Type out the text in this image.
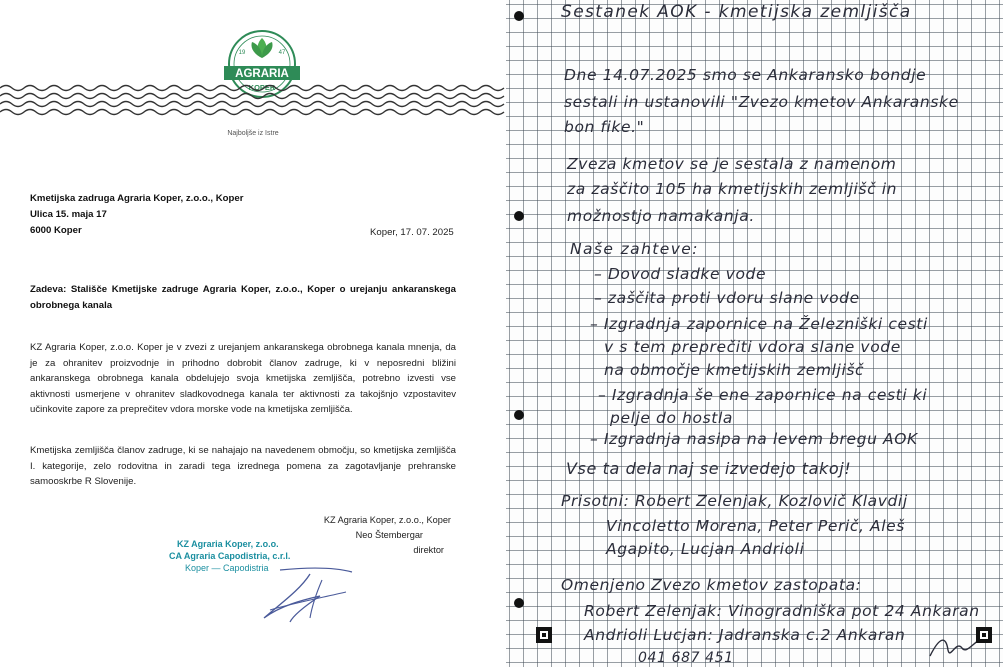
AGRARIA
19	47
KOPER
Najboljše iz Istre
Kmetijska zadruga Agraria Koper, z.o.o., Koper
Ulica 15. maja 17
6000 Koper	Koper, 17. 07. 2025
Zadeva: Stališče Kmetijske zadruge Agraria Koper, z.o.o., Koper o urejanju ankaranskega obrobnega kanala
KZ Agraria Koper, z.o.o. Koper je v zvezi z urejanjem ankaranskega obrobnega kanala mnenja, da je za ohranitev proizvodnje in prihodno dobrobit članov zadruge, ki v neposredni bližini ankaranskega obrobnega kanala obdelujejo svoja kmetijska zemljišča, potrebno izvesti vse aktivnosti usmerjene v ohranitev sladkovodnega kanala ter aktivnosti za takojšnjo vzpostavitev učinkovite zapore za preprečitev vdora morske vode na kmetijska zemljišča.
Kmetijska zemljišča članov zadruge, ki se nahajajo na navedenem območju, so kmetijska zemljišča I. kategorije, zelo rodovitna in zaradi tega izrednega pomena za zagotavljanje prehranske samooskrbe R Slovenije.
KZ Agraria Koper, z.o.o., Koper
Neo Štembergar
direktor
KZ Agraria Koper, z.o.o.
CA Agraria Capodistria, c.r.l.
Koper — Capodistria
Sestanek AOK - kmetijska zemljišča
Dne 14.07.2025 smo se Ankaransko bondje
sestali in ustanovili "Zvezo kmetov Ankaranske
bon fike."
Zveza kmetov se je sestala z namenom
za zaščito 105 ha kmetijskih zemljišč in
možnostjo namakanja.
Naše zahteve:
– Dovod sladke vode
– zaščita proti vdoru slane vode
– Izgradnja zapornice na Železniški cesti
v s tem preprečiti vdora slane vode
na območje kmetijskih zemljišč
– Izgradnja še ene zapornice na cesti ki
pelje do hostla
– Izgradnja nasipa na levem bregu AOK
Vse ta dela naj se izvedejo takoj!
Prisotni: Robert Zelenjak, Kozlovič Klavdij
Vincoletto Morena, Peter Perič, Aleš
Agapito, Lucjan Andrioli
Omenjeno Zvezo kmetov zastopata:
Robert Zelenjak: Vinogradniška pot 24 Ankaran
Andrioli Lucjan: Jadranska c.2 Ankaran
041 687 451
